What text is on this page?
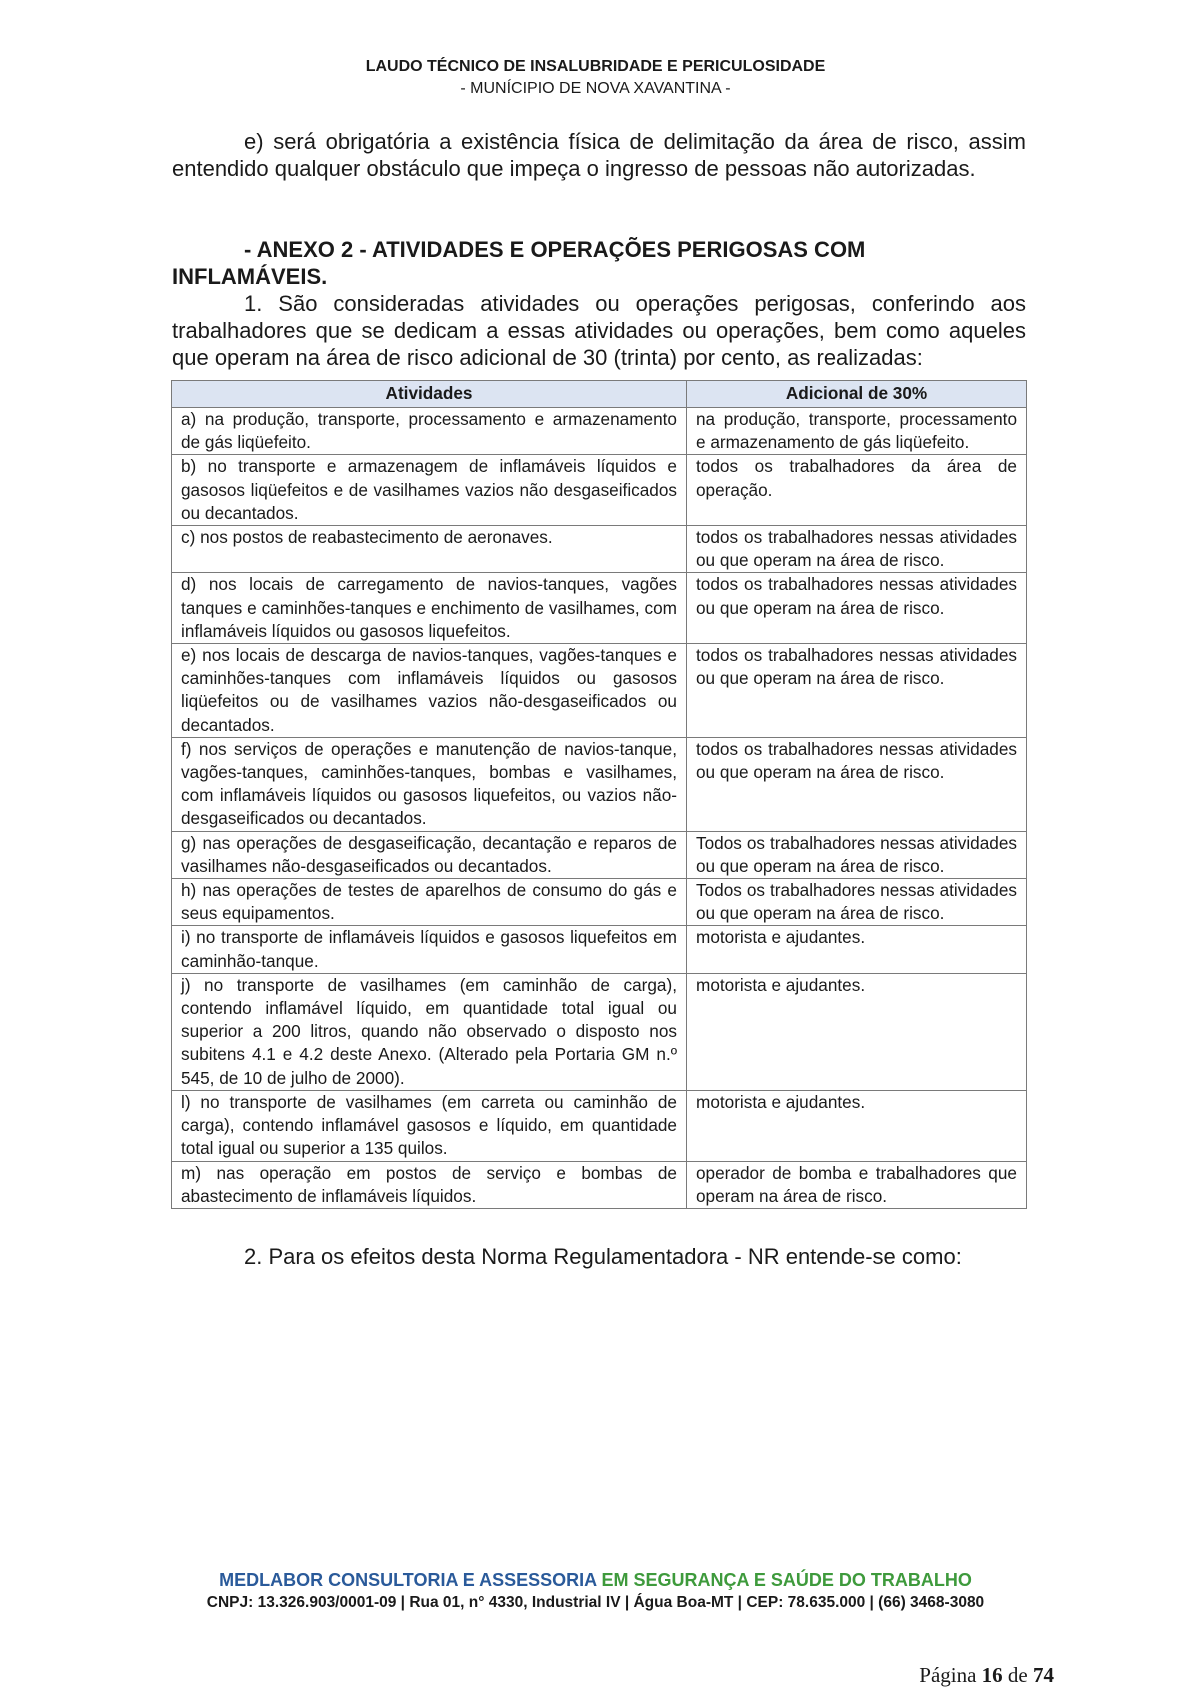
LAUDO TÉCNICO DE INSALUBRIDADE E PERICULOSIDADE
- MUNÍCIPIO DE NOVA XAVANTINA -

e) será obrigatória a existência física de delimitação da área de risco, assim entendido qualquer obstáculo que impeça o ingresso de pessoas não autorizadas.

- ANEXO 2 - ATIVIDADES E OPERAÇÕES PERIGOSAS COM

INFLAMÁVEIS.

1. São consideradas atividades ou operações perigosas, conferindo aos trabalhadores que se dedicam a essas atividades ou operações, bem como aqueles que operam na área de risco adicional de 30 (trinta) por cento, as realizadas:

Atividades	Adicional de 30%
a) na produção, transporte, processamento e armazenamento de gás liqüefeito.	na produção, transporte, processamento e armazenamento de gás liqüefeito.
b) no transporte e armazenagem de inflamáveis líquidos e gasosos liqüefeitos e de vasilhames vazios não desgaseificados ou decantados.	todos os trabalhadores da área de operação.
c) nos postos de reabastecimento de aeronaves.	todos os trabalhadores nessas atividades ou que operam na área de risco.
d) nos locais de carregamento de navios-tanques, vagões tanques e caminhões-tanques e enchimento de vasilhames, com inflamáveis líquidos ou gasosos liquefeitos.	todos os trabalhadores nessas atividades ou que operam na área de risco.
e) nos locais de descarga de navios-tanques, vagões-tanques e caminhões-tanques com inflamáveis líquidos ou gasosos liqüefeitos ou de vasilhames vazios não-desgaseificados ou decantados.	todos os trabalhadores nessas atividades ou que operam na área de risco.
f) nos serviços de operações e manutenção de navios-tanque, vagões-tanques, caminhões-tanques, bombas e vasilhames, com inflamáveis líquidos ou gasosos liquefeitos, ou vazios não-desgaseificados ou decantados.	todos os trabalhadores nessas atividades ou que operam na área de risco.
g) nas operações de desgaseificação, decantação e reparos de vasilhames não-desgaseificados ou decantados.	Todos os trabalhadores nessas atividades ou que operam na área de risco.
h) nas operações de testes de aparelhos de consumo do gás e seus equipamentos.	Todos os trabalhadores nessas atividades ou que operam na área de risco.
i) no transporte de inflamáveis líquidos e gasosos liquefeitos em caminhão-tanque.	motorista e ajudantes.
j) no transporte de vasilhames (em caminhão de carga), contendo inflamável líquido, em quantidade total igual ou superior a 200 litros, quando não observado o disposto nos subitens 4.1 e 4.2 deste Anexo. (Alterado pela Portaria GM n.º 545, de 10 de julho de 2000).	motorista e ajudantes.
l) no transporte de vasilhames (em carreta ou caminhão de carga), contendo inflamável gasosos e líquido, em quantidade total igual ou superior a 135 quilos.	motorista e ajudantes.
m) nas operação em postos de serviço e bombas de abastecimento de inflamáveis líquidos.	operador de bomba e trabalhadores que operam na área de risco.

2. Para os efeitos desta Norma Regulamentadora - NR entende-se como:

MEDLABOR CONSULTORIA E ASSESSORIA EM SEGURANÇA E SAÚDE DO TRABALHO
CNPJ: 13.326.903/0001-09 | Rua 01, n° 4330, Industrial IV | Água Boa-MT | CEP: 78.635.000 | (66) 3468-3080
Página 16 de 74
